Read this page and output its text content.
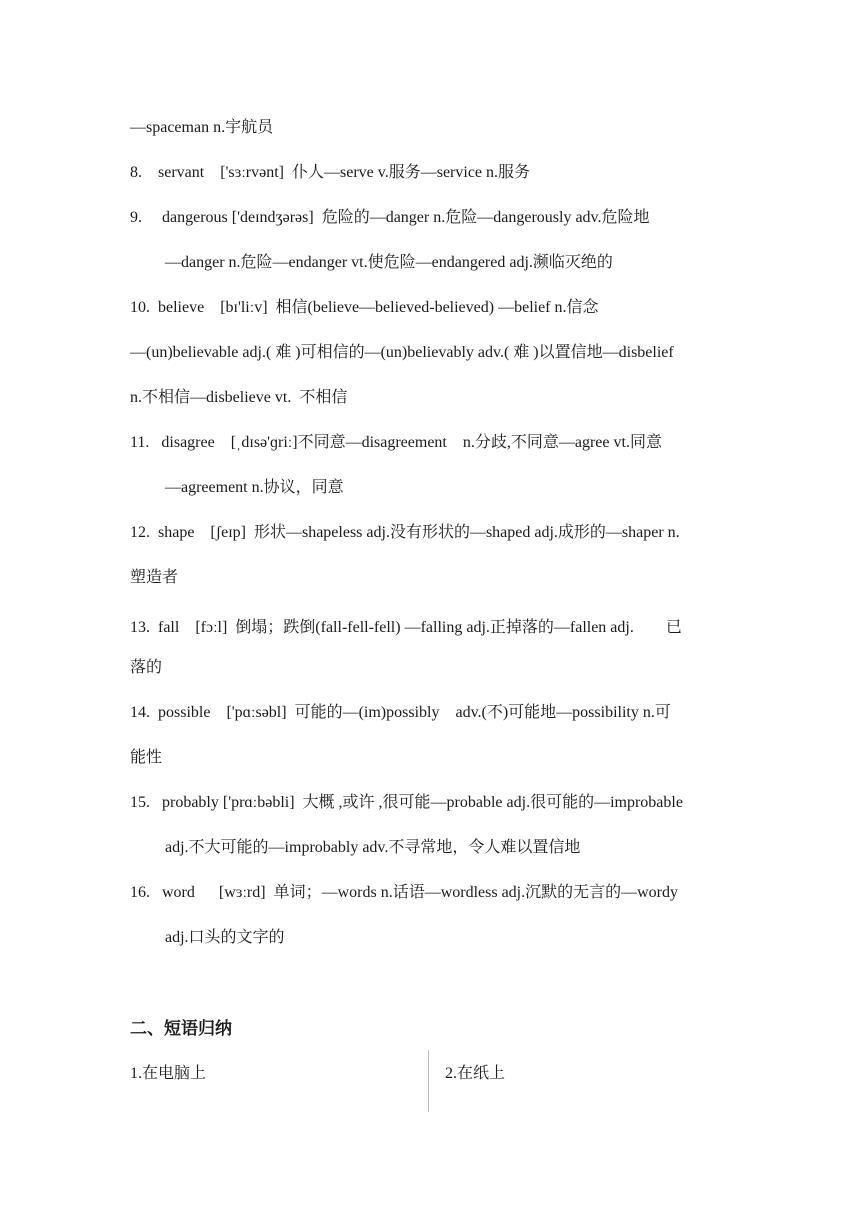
—spaceman n.宇航员
8.    servant    ['sɜːrvənt]  仆人—serve v.服务—service n.服务
9.     dangerous ['deɪndʒərəs]  危险的—danger n.危险—dangerously adv.危险地
—danger n.危险—endanger vt.使危险—endangered adj.濒临灭绝的
10.  believe    [bɪ'liːv]  相信(believe—believed-believed) —belief n.信念
—(un)believable adj.( 难 )可相信的—(un)believably adv.( 难 )以置信地—disbelief
n.不相信—disbelieve vt.  不相信
11.   disagree    [ˌdɪsə'ɡriː]不同意—disagreement    n.分歧,不同意—agree vt.同意
—agreement n.协议，同意
12.  shape    [ʃeɪp]  形状—shapeless adj.没有形状的—shaped adj.成形的—shaper n.
塑造者
13.  fall    [fɔːl]  倒塌；跌倒(fall-fell-fell) —falling adj.正掉落的—fallen adj.        已
落的
14.  possible    ['pɑːsəbl]  可能的—(im)possibly    adv.(不)可能地—possibility n.可
能性
15.   probably ['prɑːbəbli]  大概 ,或许 ,很可能—probable adj.很可能的—improbable
adj.不大可能的—improbably adv.不寻常地，令人难以置信地
16.   word      [wɜːrd]  单词；—words n.话语—wordless adj.沉默的无言的—wordy
adj.口头的文字的
二、短语归纳
1.在电脑上	2.在纸上
